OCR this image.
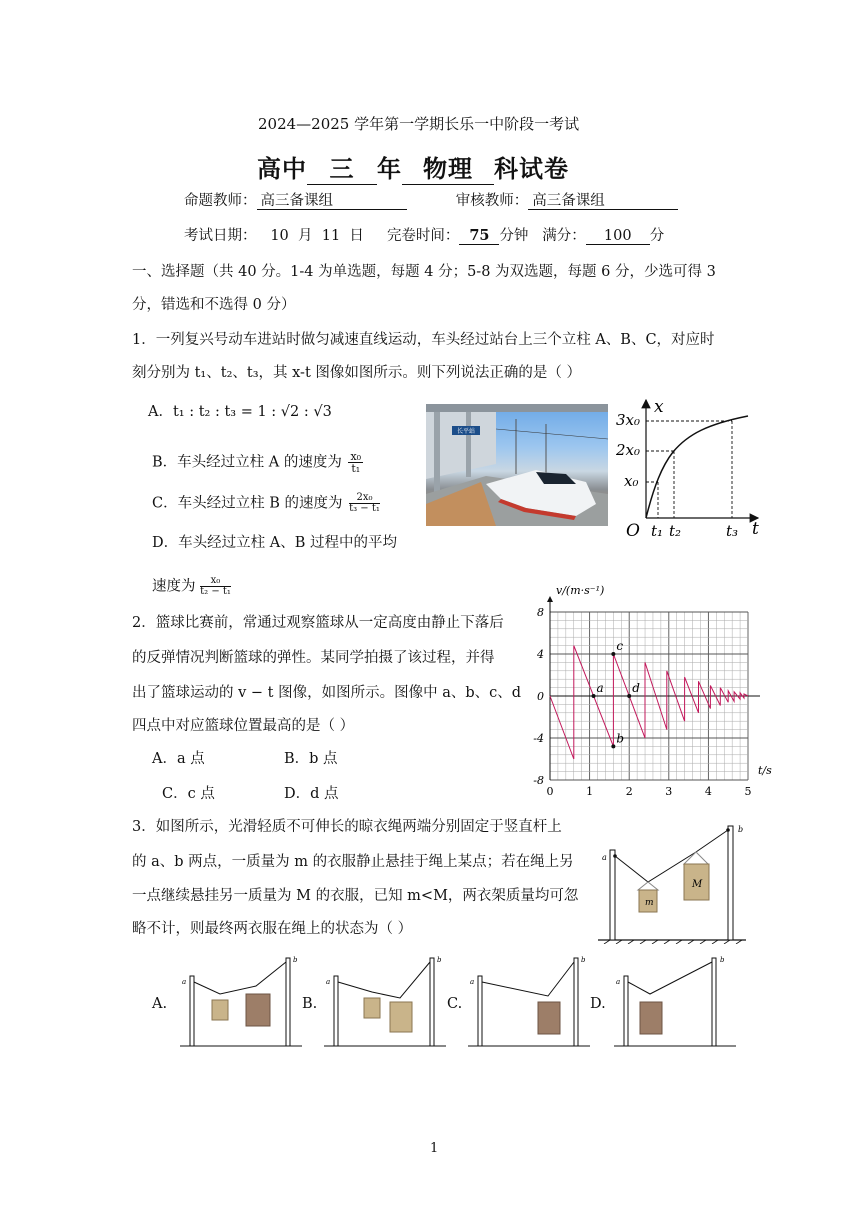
2024—2025 学年第一学期长乐一中阶段一考试
高中 三 年 物理 科试卷
命题教师： 高三备课组	审核教师： 高三备课组
考试日期： 10 月 11 日 完卷时间： 75 分钟 满分： 100 分
一、选择题（共 40 分。1-4 为单选题，每题 4 分；5-8 为双选题，每题 6 分，少选可得 3
分，错选和不选得 0 分）
1．一列复兴号动车进站时做匀减速直线运动，车头经过站台上三个立柱 A、B、C，对应时
刻分别为 t₁、t₂、t₃，其 x-t 图像如图所示。则下列说法正确的是（ ）
A．t₁ : t₂ : t₃ = 1 : √2 : √3
B．车头经过立柱 A 的速度为 $\frac{\text{x₀}}{\text{t₁}}$
C．车头经过立柱 B 的速度为 $\frac{\text{2x₀}}{\text{t₃ − t₁}}$
D．车头经过立柱 A、B 过程中的平均
速度为 $\frac{\text{x₀}}{\text{t₂ − t₁}}$
长平站
x
t
O
3x₀
2x₀
x₀
t₁ t₂	t₃
2．篮球比赛前，常通过观察篮球从一定高度由静止下落后
的反弹情况判断篮球的弹性。某同学拍摄了该过程，并得
出了篮球运动的 v − t 图像，如图所示。图像中 a、b、c、d
四点中对应篮球位置最高的是（ ）
A．a 点	B．b 点
C．c 点	D．d 点
8
4
0
-4
-8
0	1	2	3	4	5
a
b
c
d
v/(m·s⁻¹)
t/s
3．如图所示，光滑轻质不可伸长的晾衣绳两端分别固定于竖直杆上
的 a、b 两点，一质量为 m 的衣服静止悬挂于绳上某点；若在绳上另
一点继续悬挂另一质量为 M 的衣服，已知 m<M，两衣架质量均可忽
略不计，则最终两衣服在绳上的状态为（ ）
a
b
m
M
A.	B.	C.	D.
a
b
a
b
a
b
a
b
1
